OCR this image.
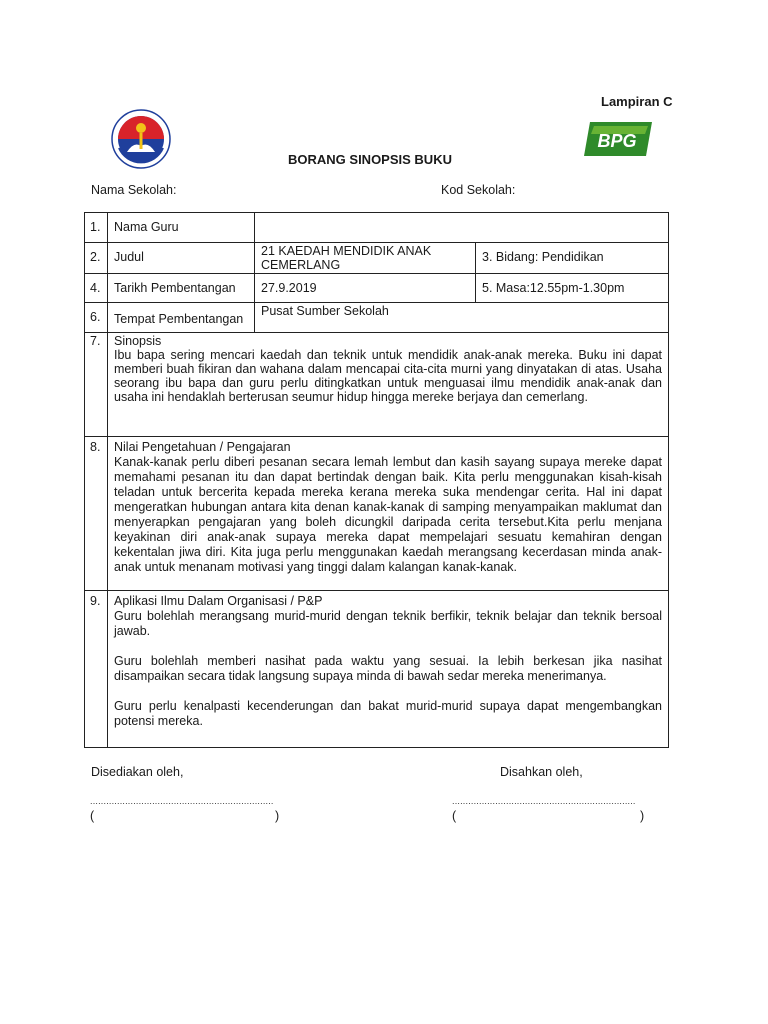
Lampiran C
BPG
BORANG SINOPSIS BUKU
Nama Sekolah:	Kod Sekolah:
1.	Nama Guru		
2.	Judul	21 KAEDAH MENDIDIK ANAK CEMERLANG	3. Bidang: Pendidikan
4.	Tarikh Pembentangan	27.9.2019	5. Masa:12.55pm-1.30pm
6.	Tempat Pembentangan	Pusat Sumber Sekolah	
7.	Sinopsis

Ibu bapa sering mencari kaedah dan teknik untuk mendidik anak-anak mereka. Buku ini dapat memberi buah fikiran dan wahana dalam mencapai cita-cita murni yang dinyatakan di atas. Usaha seorang ibu bapa dan guru perlu ditingkatkan untuk menguasai ilmu mendidik anak-anak dan usaha ini hendaklah berterusan seumur hidup hingga mereke berjaya dan cemerlang.		

8.	Nilai Pengetahuan / Pengajaran

Kanak-kanak perlu diberi pesanan secara lemah lembut dan kasih sayang supaya mereke dapat memahami pesanan itu dan dapat bertindak dengan baik. Kita perlu menggunakan kisah-kisah teladan untuk bercerita kepada mereka kerana mereka suka mendengar cerita. Hal ini dapat mengeratkan hubungan antara kita denan kanak-kanak di samping menyampaikan maklumat dan menyerapkan pengajaran yang boleh dicungkil daripada cerita tersebut.Kita perlu menjana keyakinan diri anak-anak supaya mereka dapat mempelajari sesuatu kemahiran dengan kekentalan jiwa diri. Kita juga perlu menggunakan kaedah merangsang kecerdasan minda anak-anak untuk menanam motivasi yang tinggi dalam kalangan kanak-kanak.		

9.	Aplikasi Ilmu Dalam Organisasi / P&P

Guru bolehlah merangsang murid-murid dengan teknik berfikir, teknik belajar dan teknik bersoal jawab.

Guru bolehlah memberi nasihat pada waktu yang sesuai. Ia lebih berkesan jika nasihat disampaikan secara tidak langsung supaya minda di bawah sedar mereka menerimanya.

Guru perlu kenalpasti kecenderungan dan bakat murid-murid supaya dapat mengembangkan potensi mereka.		

Disediakan oleh,	Disahkan oleh,
....................................................................	....................................................................
(	)	(	)
